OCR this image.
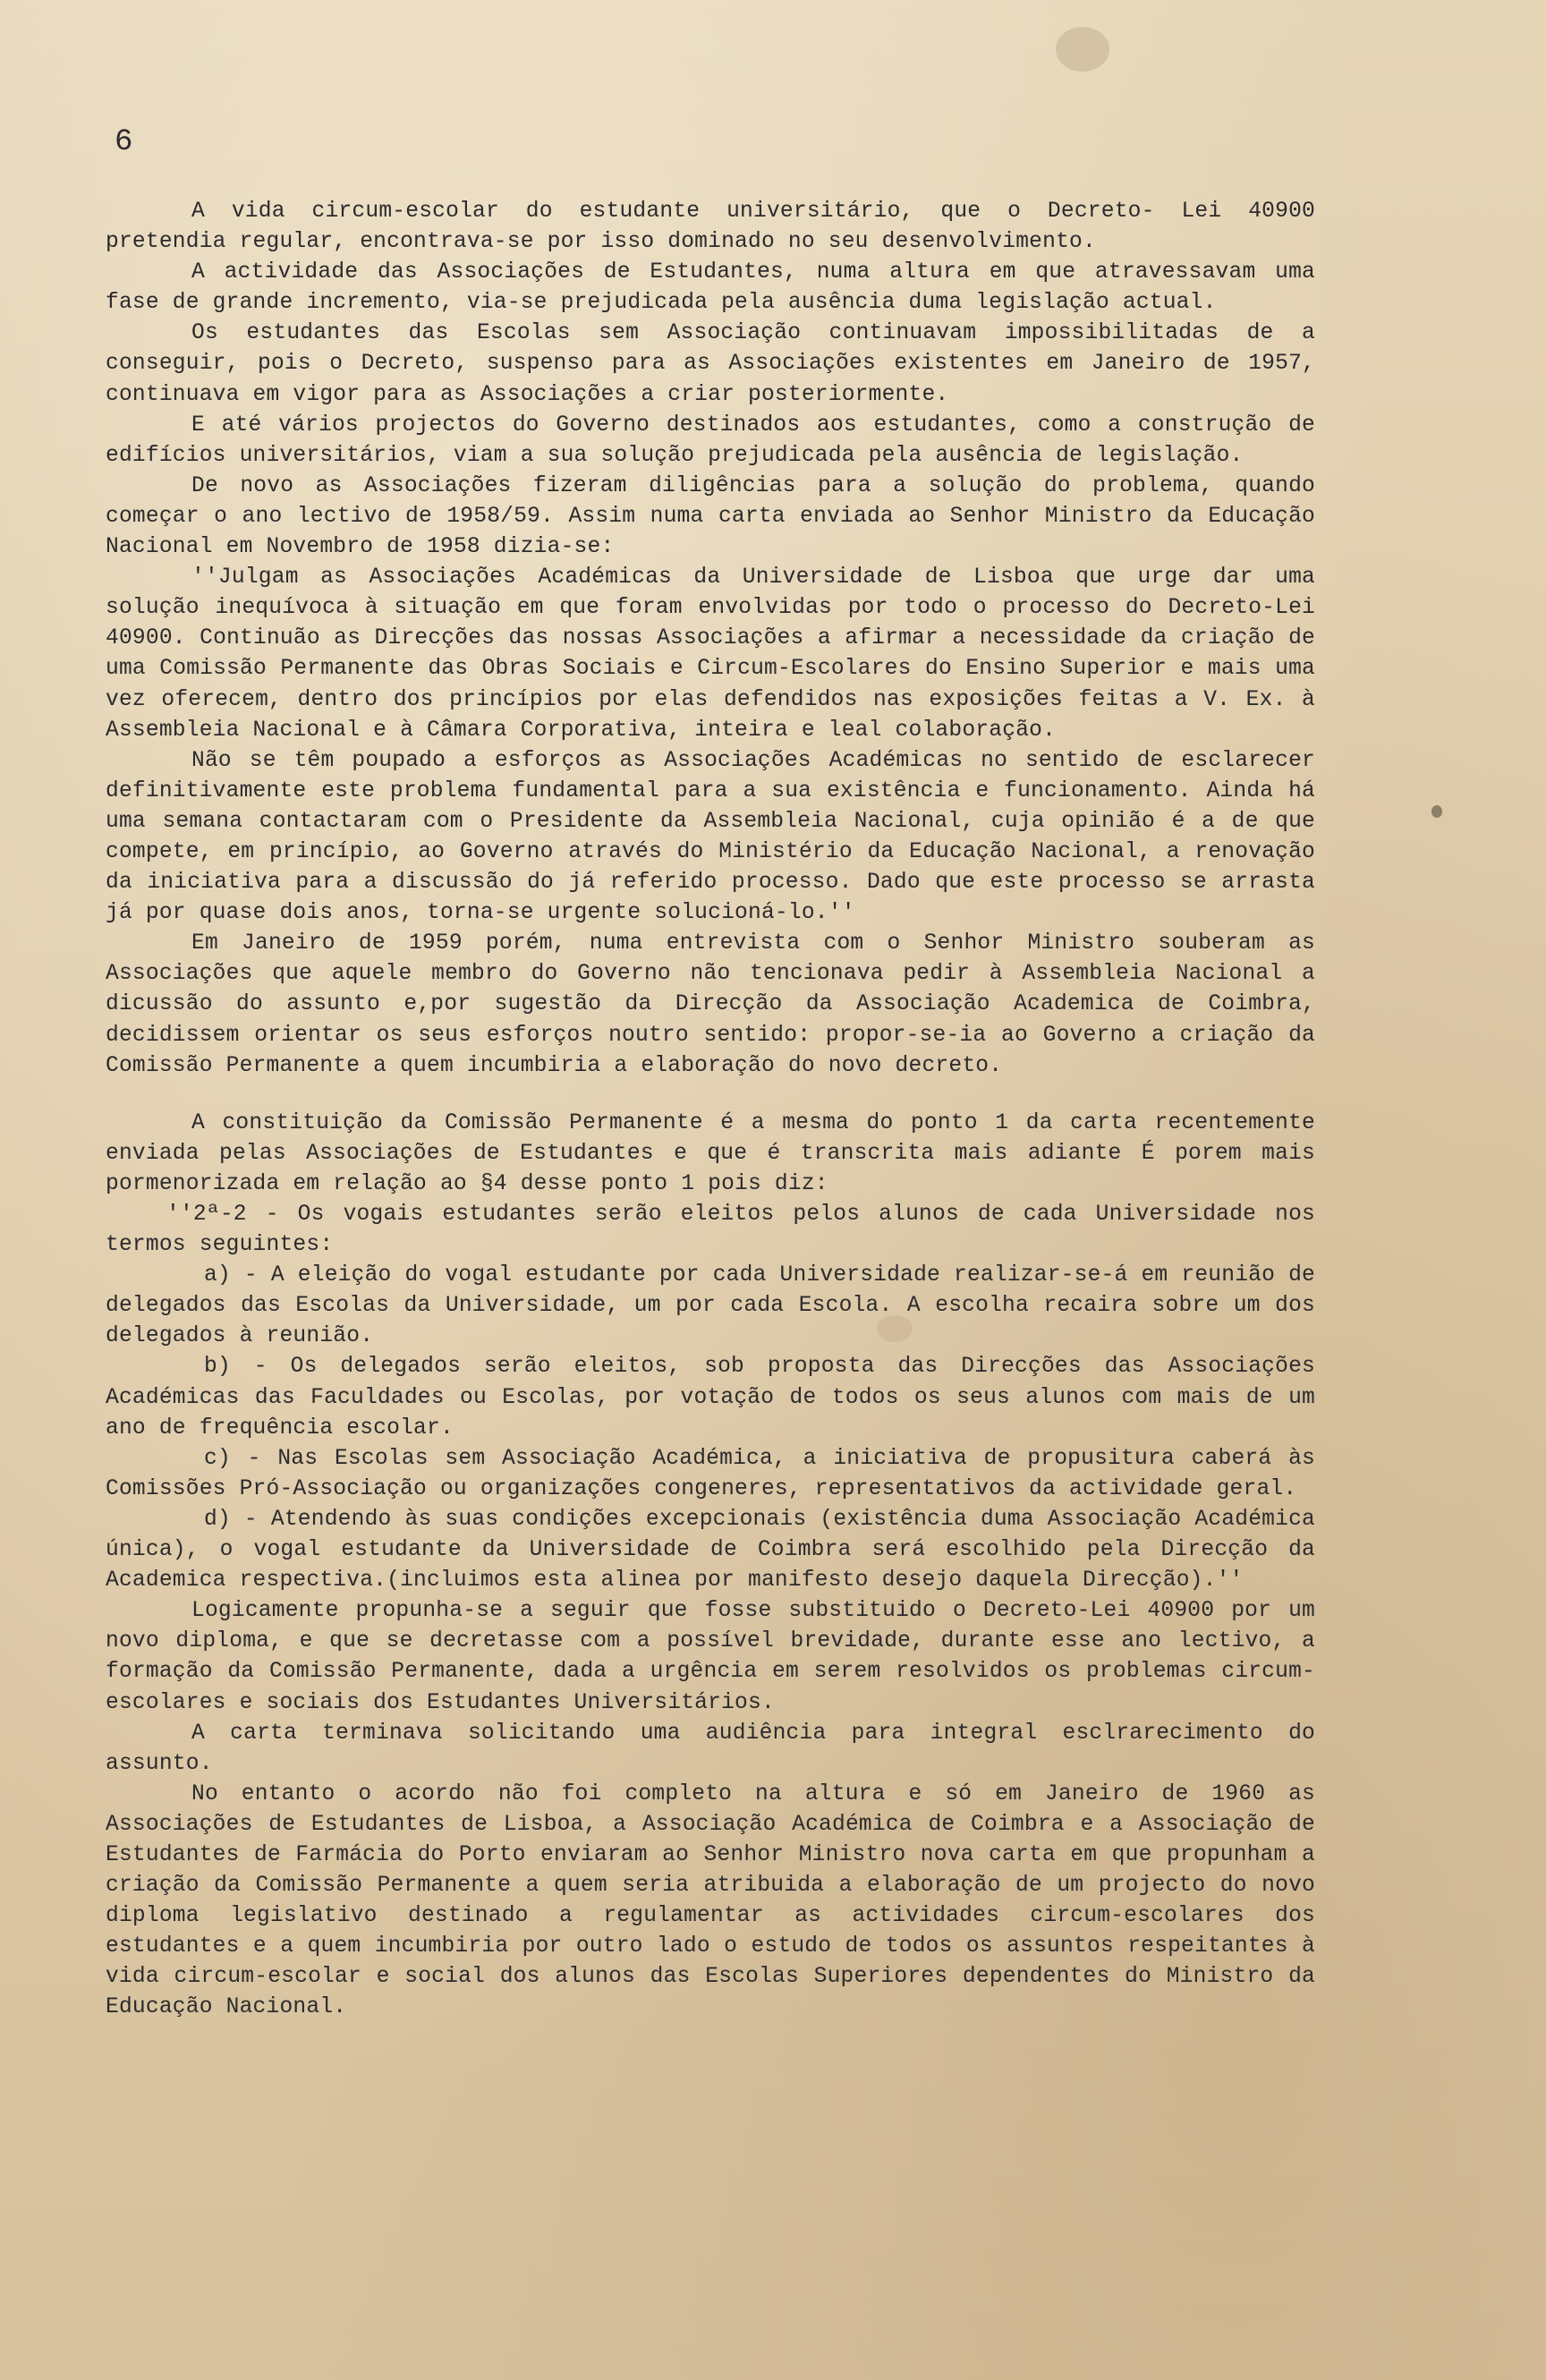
6

A vida circum-escolar do estudante universitário, que o Decreto- Lei 40900 pretendia regular, encontrava-se por isso dominado no seu desenvolvimento.

A actividade das Associações de Estudantes, numa altura em que atravessavam uma fase de grande incremento, via-se prejudicada pela ausência duma legislação actual.

Os estudantes das Escolas sem Associação continuavam impossibilitadas de a conseguir, pois o Decreto, suspenso para as Associações existentes em Janeiro de 1957, continuava em vigor para as Associações a criar posteriormente.

E até vários projectos do Governo destinados aos estudantes, como a construção de edifícios universitários, viam a sua solução prejudicada pela ausência de legislação.

De novo as Associações fizeram diligências para a solução do problema, quando começar o ano lectivo de 1958/59. Assim numa carta enviada ao Senhor Ministro da Educação Nacional em Novembro de 1958 dizia-se:

''Julgam as Associações Académicas da Universidade de Lisboa que urge dar uma solução inequívoca à situação em que foram envolvidas por todo o processo do Decreto-Lei 40900. Continuão as Direcções das nossas Associações a afirmar a necessidade da criação de uma Comissão Permanente das Obras Sociais e Circum-Escolares do Ensino Superior e mais uma vez oferecem, dentro dos princípios por elas defendidos nas exposições feitas a V. Ex. à Assembleia Nacional e à Câmara Corporativa, inteira e leal colaboração.

Não se têm poupado a esforços as Associações Académicas no sentido de esclarecer definitivamente este problema fundamental para a sua existência e funcionamento. Ainda há uma semana contactaram com o Presidente da Assembleia Nacional, cuja opinião é a de que compete, em princípio, ao Governo através do Ministério da Educação Nacional, a renovação da iniciativa para a discussão do já referido processo. Dado que este processo se arrasta já por quase dois anos, torna-se urgente solucioná-lo.''

Em Janeiro de 1959 porém, numa entrevista com o Senhor Ministro souberam as Associações que aquele membro do Governo não tencionava pedir à Assembleia Nacional a dicussão do assunto e,por sugestão da Direcção da Associação Academica de Coimbra, decidissem orientar os seus esforços noutro sentido: propor-se-ia ao Governo a criação da Comissão Permanente a quem incumbiria a elaboração do novo decreto.

A constituição da Comissão Permanente é a mesma do ponto 1 da carta recentemente enviada pelas Associações de Estudantes e que é transcrita mais adiante É porem mais pormenorizada em relação ao §4 desse ponto 1 pois diz:

''2ª-2 - Os vogais estudantes serão eleitos pelos alunos de cada Universidade nos termos seguintes:

a) - A eleição do vogal estudante por cada Universidade realizar-se-á em reunião de delegados das Escolas da Universidade, um por cada Escola. A escolha recaira sobre um dos delegados à reunião.

b) - Os delegados serão eleitos, sob proposta das Direcções das Associações Académicas das Faculdades ou Escolas, por votação de todos os seus alunos com mais de um ano de frequência escolar.

c) - Nas Escolas sem Associação Académica, a iniciativa de propusitura caberá às Comissões Pró-Associação ou organizações congeneres, representativos da actividade geral.

d) - Atendendo às suas condições excepcionais (existência duma Associação Académica única), o vogal estudante da Universidade de Coimbra será escolhido pela Direcção da Academica respectiva.(incluimos esta alinea por manifesto desejo daquela Direcção).''

Logicamente propunha-se a seguir que fosse substituido o Decreto-Lei 40900 por um novo diploma, e que se decretasse com a possível brevidade, durante esse ano lectivo, a formação da Comissão Permanente, dada a urgência em serem resolvidos os problemas circum-escolares e sociais dos Estudantes Universitários.

A carta terminava solicitando uma audiência para integral esclrarecimento do assunto.

No entanto o acordo não foi completo na altura e só em Janeiro de 1960 as Associações de Estudantes de Lisboa, a Associação Académica de Coimbra e a Associação de Estudantes de Farmácia do Porto enviaram ao Senhor Ministro nova carta em que propunham a criação da Comissão Permanente a quem seria atribuida a elaboração de um projecto do novo diploma legislativo destinado a regulamentar as actividades circum-escolares dos estudantes e a quem incumbiria por outro lado o estudo de todos os assuntos respeitantes à vida circum-escolar e social dos alunos das Escolas Superiores dependentes do Ministro da Educação Nacional.
